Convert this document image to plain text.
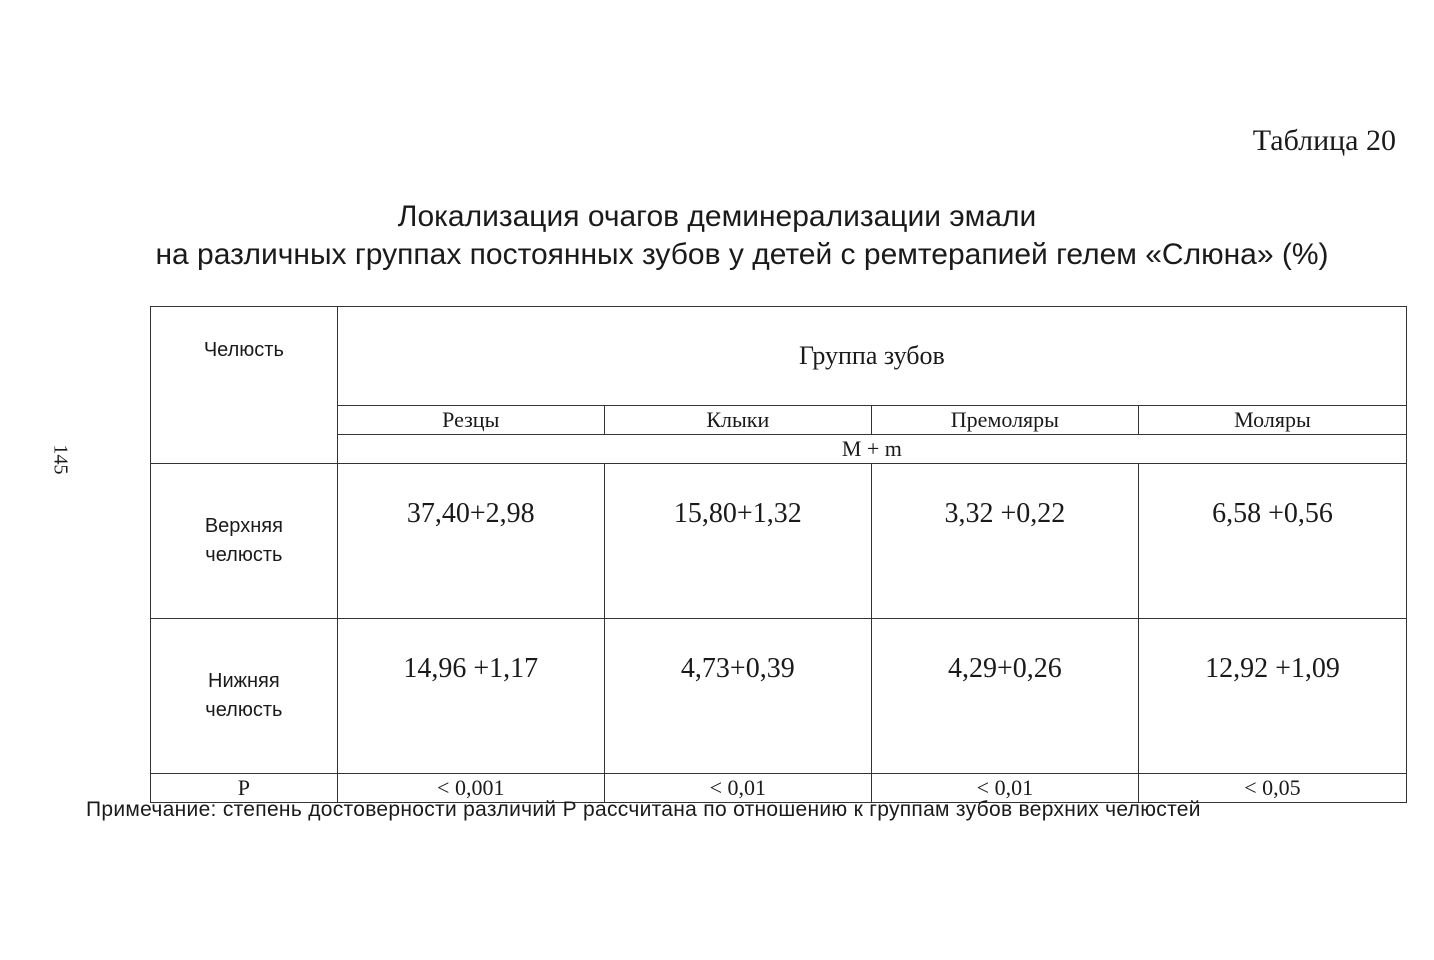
Таблица 20
145
Локализация очагов деминерализации эмали
на различных группах постоянных зубов у детей с ремтерапией гелем «Слюна» (%)
Челюсть	Группа зубов			
	Резцы	Клыки	Премоляры	Моляры
	M + m			

Верхняя
челюсть	37,40+2,98	15,80+1,32	3,32 +0,22	6,58 +0,56

Нижняя
челюсть	14,96 +1,17	4,73+0,39	4,29+0,26	12,92 +1,09
Р	< 0,001	< 0,01	< 0,01	< 0,05
Примечание: степень достоверности различий Р рассчитана по отношению к группам зубов верхних челюстей
